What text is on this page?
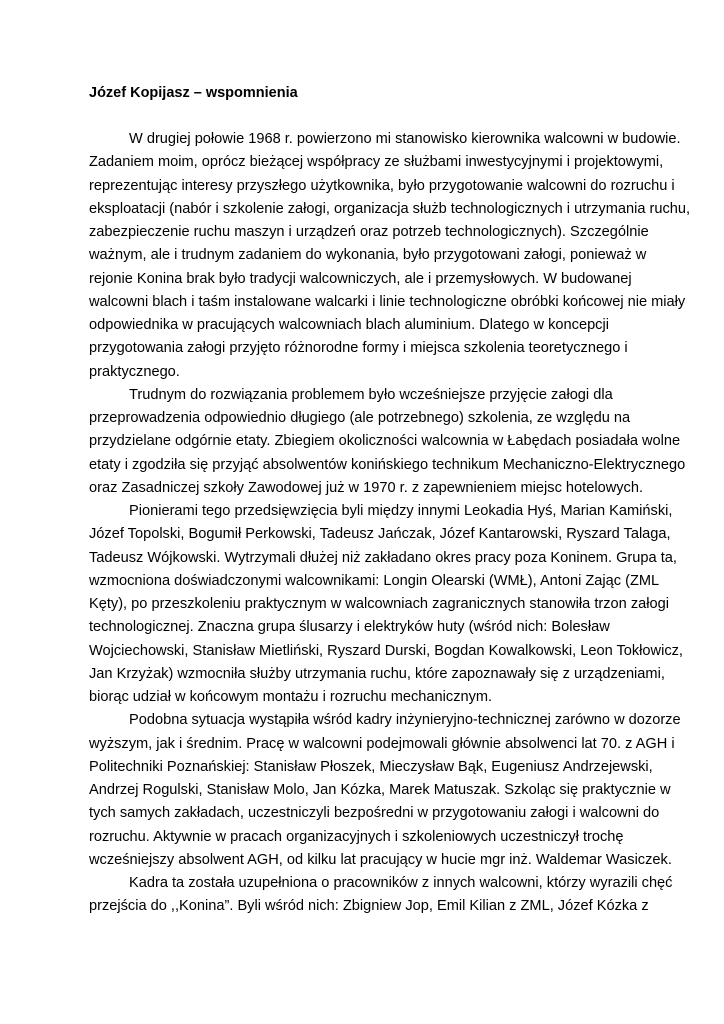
Józef Kopijasz – wspomnienia
W drugiej połowie 1968 r. powierzono mi stanowisko kierownika walcowni w budowie.
Zadaniem moim, oprócz bieżącej współpracy ze służbami inwestycyjnymi i projektowymi,
reprezentując interesy przyszłego użytkownika, było przygotowanie walcowni do rozruchu i
eksploatacji (nabór i szkolenie załogi, organizacja służb technologicznych i utrzymania ruchu,
zabezpieczenie ruchu maszyn i urządzeń oraz potrzeb technologicznych). Szczególnie
ważnym, ale i trudnym zadaniem do wykonania, było przygotowani załogi, ponieważ w
rejonie Konina brak było tradycji walcowniczych, ale i przemysłowych. W budowanej
walcowni blach i taśm instalowane walcarki i linie technologiczne obróbki końcowej nie miały
odpowiednika w pracujących walcowniach blach aluminium. Dlatego w koncepcji
przygotowania załogi przyjęto różnorodne formy i miejsca szkolenia teoretycznego i
praktycznego.
Trudnym do rozwiązania problemem było wcześniejsze przyjęcie załogi dla
przeprowadzenia odpowiednio długiego (ale potrzebnego) szkolenia, ze względu na
przydzielane odgórnie etaty. Zbiegiem okoliczności walcownia w Łabędach posiadała wolne
etaty i zgodziła się przyjąć absolwentów konińskiego technikum Mechaniczno-Elektrycznego
oraz Zasadniczej szkoły Zawodowej już w 1970 r. z zapewnieniem miejsc hotelowych.
Pionierami tego przedsięwzięcia byli między innymi Leokadia Hyś, Marian Kamiński,
Józef Topolski, Bogumił Perkowski, Tadeusz Jańczak, Józef Kantarowski, Ryszard Talaga,
Tadeusz Wójkowski. Wytrzymali dłużej niż zakładano okres pracy poza Koninem. Grupa ta,
wzmocniona doświadczonymi walcownikami: Longin Olearski (WMŁ), Antoni Zając (ZML
Kęty), po przeszkoleniu praktycznym w walcowniach zagranicznych stanowiła trzon załogi
technologicznej. Znaczna grupa ślusarzy i elektryków huty (wśród nich: Bolesław
Wojciechowski, Stanisław Mietliński, Ryszard Durski, Bogdan Kowalkowski, Leon Tokłowicz,
Jan Krzyżak) wzmocniła służby utrzymania ruchu, które zapoznawały się z urządzeniami,
biorąc udział w końcowym montażu i rozruchu mechanicznym.
Podobna sytuacja wystąpiła wśród kadry inżynieryjno-technicznej zarówno w dozorze
wyższym, jak i średnim. Pracę w walcowni podejmowali głównie absolwenci lat 70. z AGH i
Politechniki Poznańskiej: Stanisław Płoszek, Mieczysław Bąk, Eugeniusz Andrzejewski,
Andrzej Rogulski, Stanisław Molo, Jan Kózka, Marek Matuszak. Szkoląc się praktycznie w
tych samych zakładach, uczestniczyli bezpośredni w przygotowaniu załogi i walcowni do
rozruchu. Aktywnie w pracach organizacyjnych i szkoleniowych uczestniczył trochę
wcześniejszy absolwent AGH, od kilku lat pracujący w hucie mgr inż. Waldemar Wasiczek.
Kadra ta została uzupełniona o pracowników z innych walcowni, którzy wyrazili chęć
przejścia do ,,Konina”. Byli wśród nich: Zbigniew Jop, Emil Kilian z ZML, Józef Kózka z
